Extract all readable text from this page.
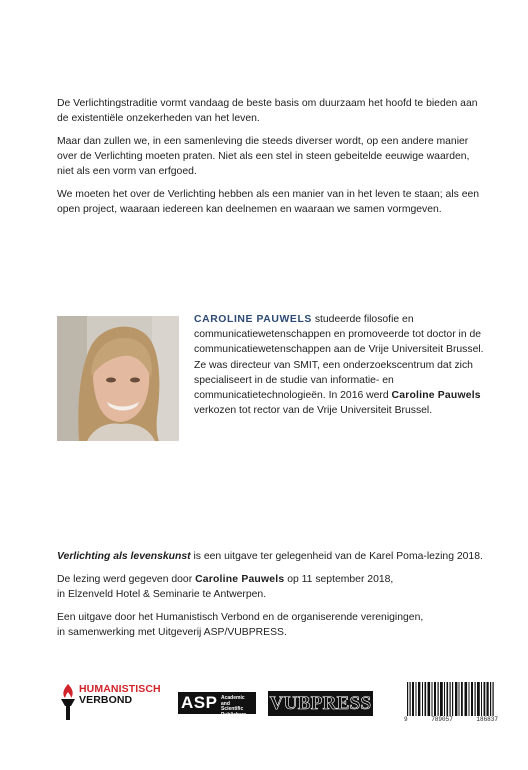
De Verlichtingstraditie vormt vandaag de beste basis om duurzaam het hoofd te bieden aan de existentiële onzekerheden van het leven.

Maar dan zullen we, in een samenleving die steeds diverser wordt, op een andere manier over de Verlichting moeten praten. Niet als een stel in steen gebeitelde eeuwige waarden, niet als een vorm van erfgoed.

We moeten het over de Verlichting hebben als een manier van in het leven te staan; als een open project, waaraan iedereen kan deelnemen en waaraan we samen vormgeven.

CAROLINE PAUWELS studeerde filosofie en communicatiewetenschappen en promoveerde tot doctor in de communicatiewetenschappen aan de Vrije Universiteit Brussel. Ze was directeur van SMIT, een onderzoekscentrum dat zich specialiseert in de studie van informatie- en communicatietechnologieën. In 2016 werd Caroline Pauwels verkozen tot rector van de Vrije Universiteit Brussel.

Verlichting als levenskunst is een uitgave ter gelegenheid van de Karel Poma-lezing 2018.

De lezing werd gegeven door Caroline Pauwels op 11 september 2018,
in Elzenveld Hotel & Seminarie te Antwerpen.

Een uitgave door het Humanistisch Verbond en de organiserende verenigingen,
in samenwerking met Uitgeverij ASP/VUBPRESS.

HUMANISTISCH
VERBOND	ASP Academic and Scientific Publishers
VUBPRESS
9	789057	186837
